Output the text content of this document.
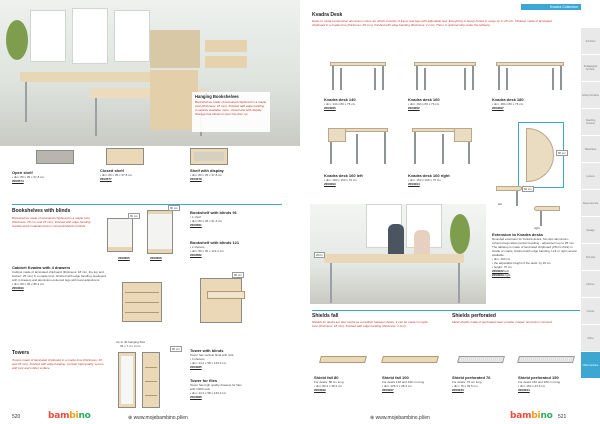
Hanging Bookshelves
Bookshelves made of laminated chipboard in a maple tone (thickness: 18 mm), finished with edge banding. 3 variants available: open, closed and with display. Storage that allows to open the door up.
Open shelf
• dim: 80 x 35 x 37.8 cm
2003574
Closed shelf
• dim: 80 x 35 x 37.8 cm
2003577
Shelf with display
• dim: 80 x 35 x 37.8 cm
2003078
Bookshelves with blinds
Bookshelves made of laminated chipboard in a maple tone (thickness: 18 mm and 25 mm), finished with edge banding. Cantilevered metal/aluminium coloured/white/cut blinds.
80 cm
80 cm
2003605	2003606
Bookshelf with blinds 91
• 1 shelf
• dim: 80 x 45 x 91.4 cm
2003581
Bookshelf with blinds 121
• 2 shelves
• dim: 80 x 45 x 121.2 cm
2003582
Cabinet Kvadra with 4 drawers
Cabinet made of laminated chipboard (thickness: 18 mm, the top and bottom: 25 mm) in a maple tone, finished with edge banding. Equipped with 4 drawers and aluminium-coloured legs with level adjustment.
• dim: 80 x 45 x 85.4 cm
2003093
80 cm
Towers
Towers made of laminated chipboard in a maple tone (thickness: 18 and 25 mm), finished with edge banding. Contain high quality, secure with lock and rubber surface.
Up to 40 hanging files
36 x 7.4 x 4 cm
80 cm	Tower with blinds
Tower has vertical blind with lock
• 4 shelves
• dim: 44.2 x 58 x 163.3 cm
2003085
Tower for files
Tower has high quality drawers for files
with 100% lock
• dim: 44.2 x 58 x 163.3 cm
2003086
520	bambino	⊕ www.mojebambino.pl/en
Kvadra Collection
Kvadra Desk
Desk on metal construction aluminium colour all, which consists of frame and legs with adjustable feet. Everything is heavy footed to range up to 25 mm. Tabletop made of laminated chipboard in a maple tone (thickness: 25 mm), finished with edge banding (thickness: 2 mm). There is optional strip under the tabletop.
Kvadra desk 140
• dim: 140 x 80 x 76 cm
2003095
Kvadra desk 160
• dim: 160 x 80 x 76 cm
2003092
Kvadra desk 180
• dim: 180 x 80 x 76 cm
2003097
Kvadra desk 160 left
• dim: 160 x 160 x 76 cm
2003093
Kvadra desk 160 right
• dim: 160 x 160 x 76 cm
2003094
80 cm
60 cm
left
right
20cm
Extension to Kvadra desks
Rounded extension for Kvadra desks. Six-disc aluminium-coloured legs allow perfect levelling - adjustment up to 25 mm. The tabletop is made of laminated chipboard (25mm thick) in shade of maple, finished with edge banding. Left or right version available.
• dim: 100 cm
• the adjustable height of the desk: by 20 cm
• height: 76 cm
2003022 left
2003023 right
Shields fall
Shields for desks are also useful as a partition between desks. It can be made in maple tone (thickness: 18 mm), finished with edge banding (thickness: 2 mm).
Shields perforated
Metal shields made of perforated steel, powder coated, aluminium coloured.
Shield fall 80
For desks: 80 cm long
• dim: 80.4 x 38.4 cm
2003099
Shield fall 100
For desks 140 and 160 cm long
• dim: 125.4 x 38.4 cm
2003097
Shield perforated 76
For desks: 76 cm long
• dim: 76 x 33.5 cm
2003033
Shield perforated 150
For desks 160 and 180 cm long
• dim: 152 x 33.5 cm
2003034
⊕ www.mojebambino.pl/en	bambino 521
Furniture
Pedagogical furniture
Activity furniture
Teaching furniture
Wardrobes
Lockers
Sleep and rest
Storage
Soft play
Kitchen
Crèche
Office
Office furniture
